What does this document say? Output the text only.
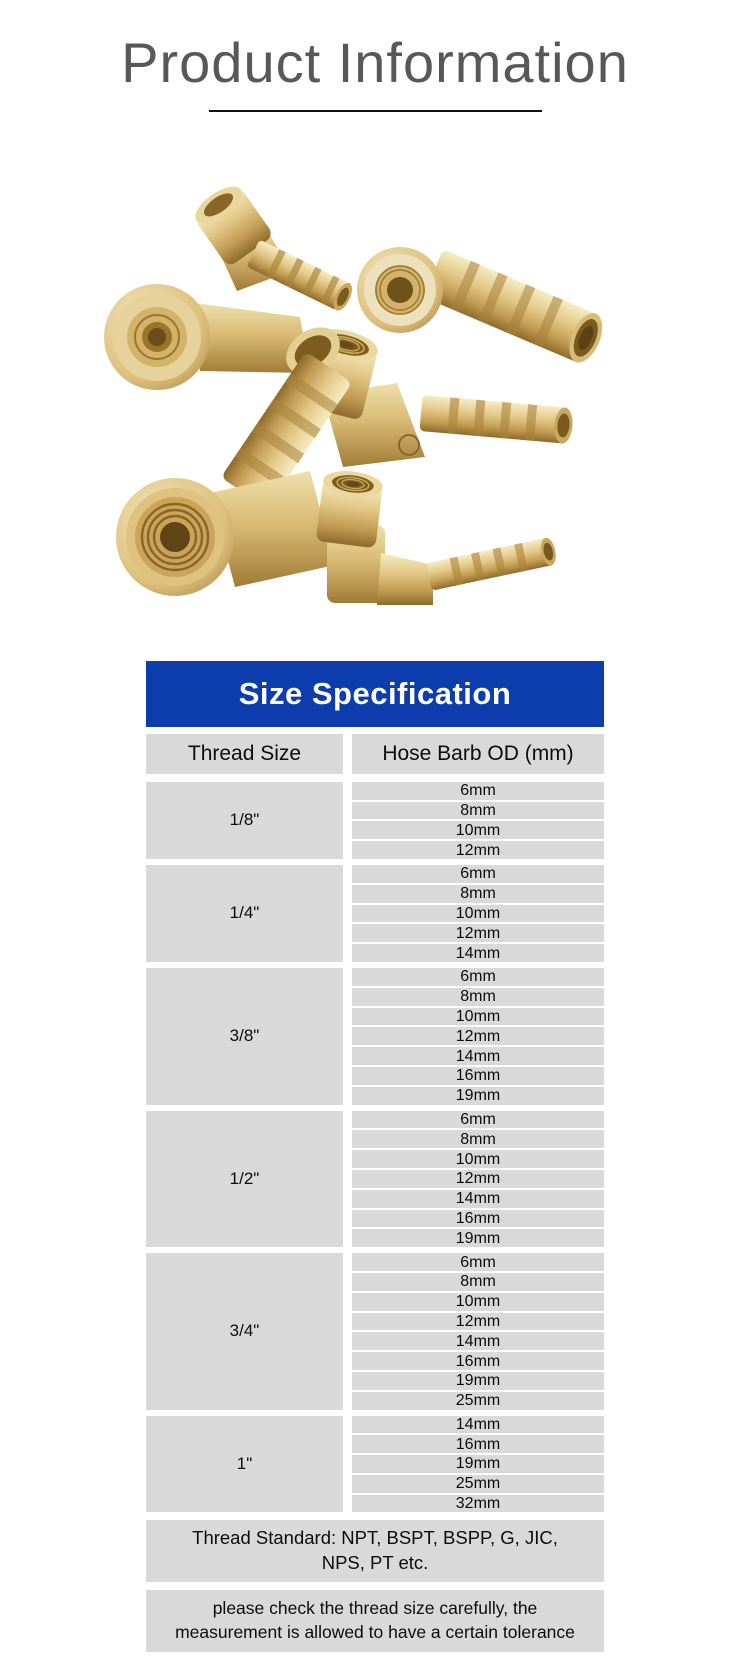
Product Information
Size Specification
Thread Size	Hose Barb OD (mm)
1/8"
6mm
8mm
10mm
12mm
1/4"
6mm
8mm
10mm
12mm
14mm
3/8"
6mm
8mm
10mm
12mm
14mm
16mm
19mm
1/2"
6mm
8mm
10mm
12mm
14mm
16mm
19mm
3/4"
6mm
8mm
10mm
12mm
14mm
16mm
19mm
25mm
1"
14mm
16mm
19mm
25mm
32mm
Thread Standard: NPT, BSPT, BSPP, G, JIC, NPS, PT etc.
please check the thread size carefully, the measurement is allowed to have a certain tolerance
